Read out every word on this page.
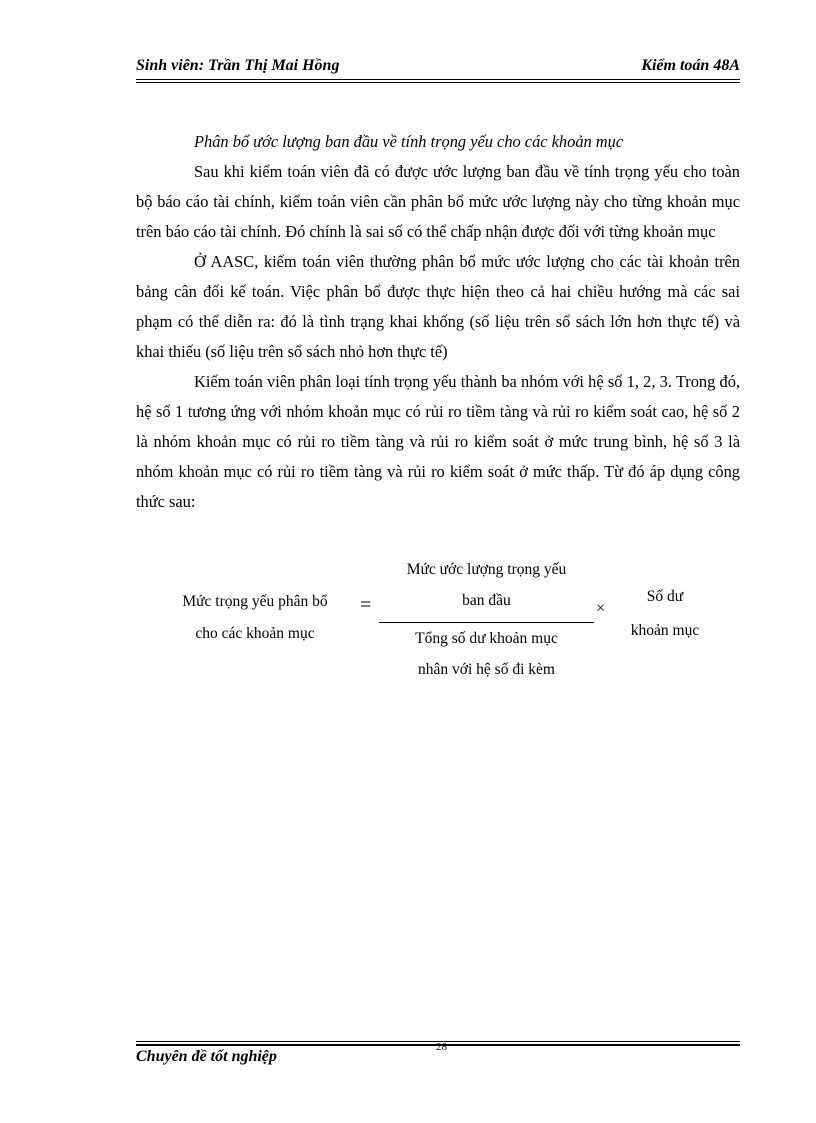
Sinh viên: Trần Thị Mai Hồng	Kiểm toán 48A

Phân bổ ước lượng ban đầu về tính trọng yếu cho các khoản mục

Sau khi kiểm toán viên đã có được ước lượng ban đầu về tính trọng yếu cho toàn bộ báo cáo tài chính, kiểm toán viên cần phân bổ mức ước lượng này cho từng khoản mục trên báo cáo tài chính. Đó chính là sai số có thể chấp nhận được đối với từng khoản mục

Ở AASC, kiểm toán viên thường phân bổ mức ước lượng cho các tài khoản trên bảng cân đối kế toán. Việc phân bổ được thực hiện theo cả hai chiều hướng mà các sai phạm có thể diễn ra: đó là tình trạng khai khống (số liệu trên sổ sách lớn hơn thực tế) và khai thiếu (số liệu trên sổ sách nhỏ hơn thực tế)

Kiểm toán viên phân loại tính trọng yếu thành ba nhóm với hệ số 1, 2, 3. Trong đó, hệ số 1 tương ứng với nhóm khoản mục có rủi ro tiềm tàng và rủi ro kiểm soát cao, hệ số 2 là nhóm khoản mục có rủi ro tiềm tàng và rủi ro kiểm soát ở mức trung bình, hệ số 3 là nhóm khoản mục có rủi ro tiềm tàng và rủi ro kiểm soát ở mức thấp. Từ đó áp dụng công thức sau:

Mức trọng yếu phân bổ
cho các khoản mục
=
Mức ước lượng trọng yếu
ban đầu
Tổng số dư khoản mục
nhân với hệ số đi kèm
×
Số dư
khoản mục
Chuyên đề tốt nghiệp
28
